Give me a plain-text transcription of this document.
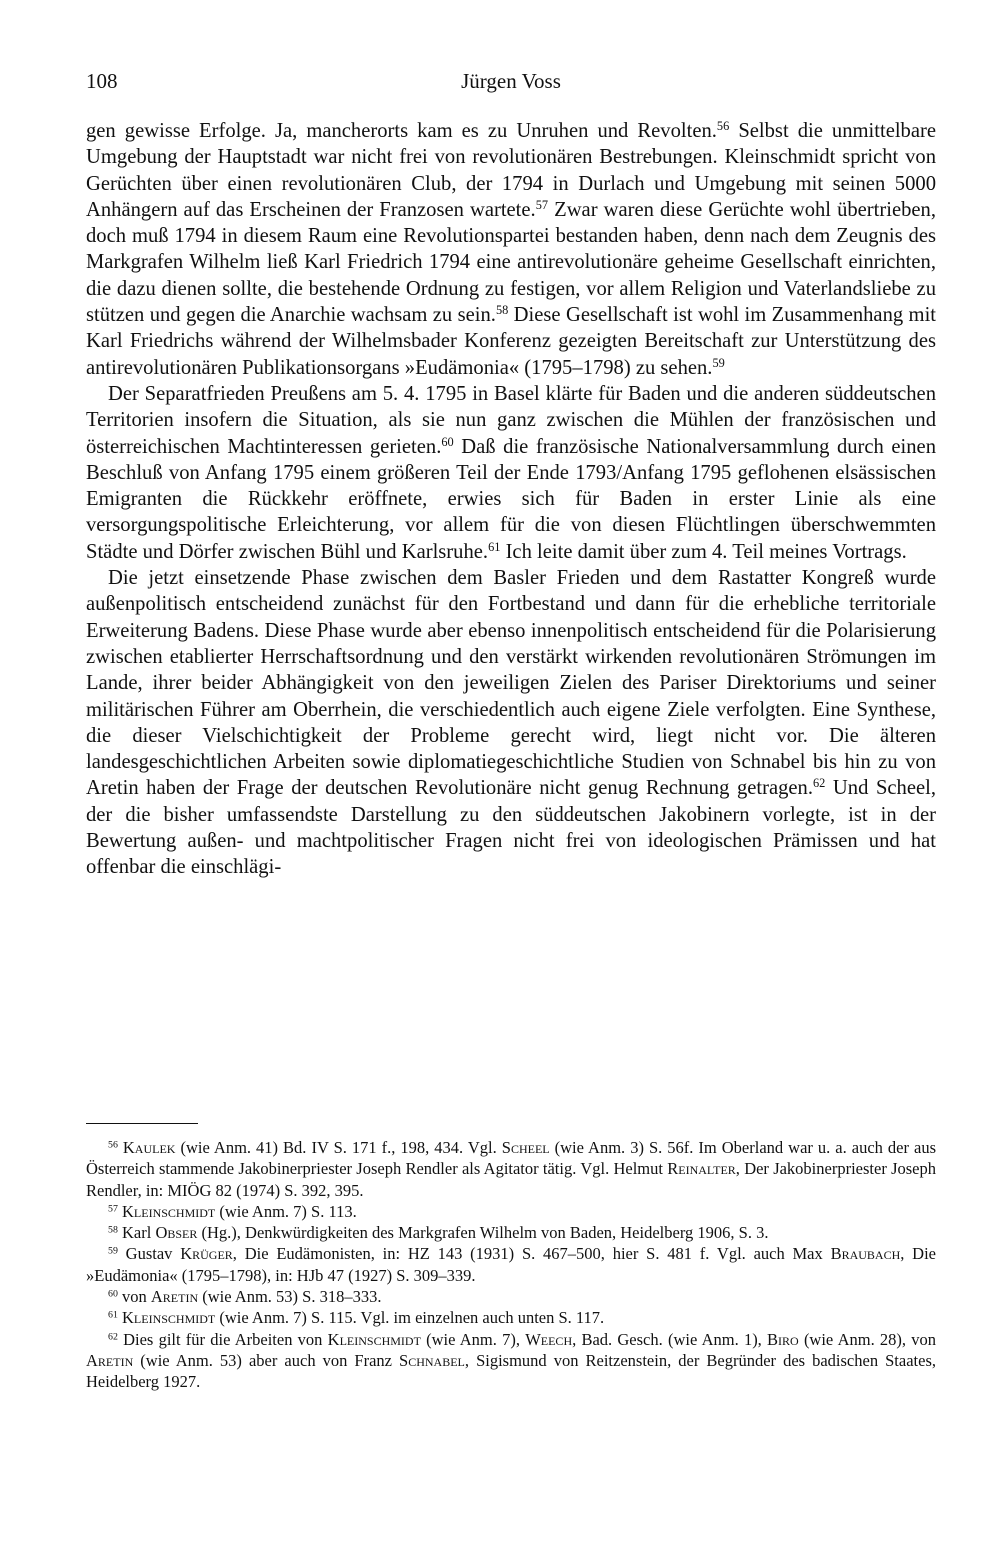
108	Jürgen Voss

gen gewisse Erfolge. Ja, mancherorts kam es zu Unruhen und Revolten.$^{56}$ Selbst die unmittelbare Umgebung der Hauptstadt war nicht frei von revolutionären Bestrebungen. Kleinschmidt spricht von Gerüchten über einen revolutionären Club, der 1794 in Durlach und Umgebung mit seinen 5000 Anhängern auf das Erscheinen der Franzosen wartete.$^{57}$ Zwar waren diese Gerüchte wohl übertrieben, doch muß 1794 in diesem Raum eine Revolutionspartei bestanden haben, denn nach dem Zeugnis des Markgrafen Wilhelm ließ Karl Friedrich 1794 eine antirevolutionäre geheime Gesellschaft einrichten, die dazu dienen sollte, die bestehende Ordnung zu festigen, vor allem Religion und Vaterlandsliebe zu stützen und gegen die Anarchie wachsam zu sein.$^{58}$ Diese Gesellschaft ist wohl im Zusammenhang mit Karl Friedrichs während der Wilhelmsbader Konferenz gezeigten Bereitschaft zur Unterstützung des antirevolutionären Publikationsorgans »Eudämonia« (1795–1798) zu sehen.$^{59}$

Der Separatfrieden Preußens am 5. 4. 1795 in Basel klärte für Baden und die anderen süddeutschen Territorien insofern die Situation, als sie nun ganz zwischen die Mühlen der französischen und österreichischen Machtinteressen gerieten.$^{60}$ Daß die französische Nationalversammlung durch einen Beschluß von Anfang 1795 einem größeren Teil der Ende 1793/Anfang 1795 geflohenen elsässischen Emigranten die Rückkehr eröffnete, erwies sich für Baden in erster Linie als eine versorgungspolitische Erleichterung, vor allem für die von diesen Flüchtlingen überschwemmten Städte und Dörfer zwischen Bühl und Karlsruhe.$^{61}$ Ich leite damit über zum 4. Teil meines Vortrags.

Die jetzt einsetzende Phase zwischen dem Basler Frieden und dem Rastatter Kongreß wurde außenpolitisch entscheidend zunächst für den Fortbestand und dann für die erhebliche territoriale Erweiterung Badens. Diese Phase wurde aber ebenso innenpolitisch entscheidend für die Polarisierung zwischen etablierter Herrschaftsordnung und den verstärkt wirkenden revolutionären Strömungen im Lande, ihrer beider Abhängigkeit von den jeweiligen Zielen des Pariser Direktoriums und seiner militärischen Führer am Oberrhein, die verschiedentlich auch eigene Ziele verfolgten. Eine Synthese, die dieser Vielschichtigkeit der Probleme gerecht wird, liegt nicht vor. Die älteren landesgeschichtlichen Arbeiten sowie diplomatiegeschichtliche Studien von Schnabel bis hin zu von Aretin haben der Frage der deutschen Revolutionäre nicht genug Rechnung getragen.$^{62}$ Und Scheel, der die bisher umfassendste Darstellung zu den süddeutschen Jakobinern vorlegte, ist in der Bewertung außen- und machtpolitischer Fragen nicht frei von ideologischen Prämissen und hat offenbar die einschlägi-

$^{56}$ Kaulek (wie Anm. 41) Bd. IV S. 171 f., 198, 434. Vgl. Scheel (wie Anm. 3) S. 56f. Im Oberland war u. a. auch der aus Österreich stammende Jakobinerpriester Joseph Rendler als Agitator tätig. Vgl. Helmut Reinalter, Der Jakobinerpriester Joseph Rendler, in: MIÖG 82 (1974) S. 392, 395.

$^{57}$ Kleinschmidt (wie Anm. 7) S. 113.

$^{58}$ Karl Obser (Hg.), Denkwürdigkeiten des Markgrafen Wilhelm von Baden, Heidelberg 1906, S. 3.

$^{59}$ Gustav Krüger, Die Eudämonisten, in: HZ 143 (1931) S. 467–500, hier S. 481 f. Vgl. auch Max Braubach, Die »Eudämonia« (1795–1798), in: HJb 47 (1927) S. 309–339.

$^{60}$ von Aretin (wie Anm. 53) S. 318–333.

$^{61}$ Kleinschmidt (wie Anm. 7) S. 115. Vgl. im einzelnen auch unten S. 117.

$^{62}$ Dies gilt für die Arbeiten von Kleinschmidt (wie Anm. 7), Weech, Bad. Gesch. (wie Anm. 1), Biro (wie Anm. 28), von Aretin (wie Anm. 53) aber auch von Franz Schnabel, Sigismund von Reitzenstein, der Begründer des badischen Staates, Heidelberg 1927.
